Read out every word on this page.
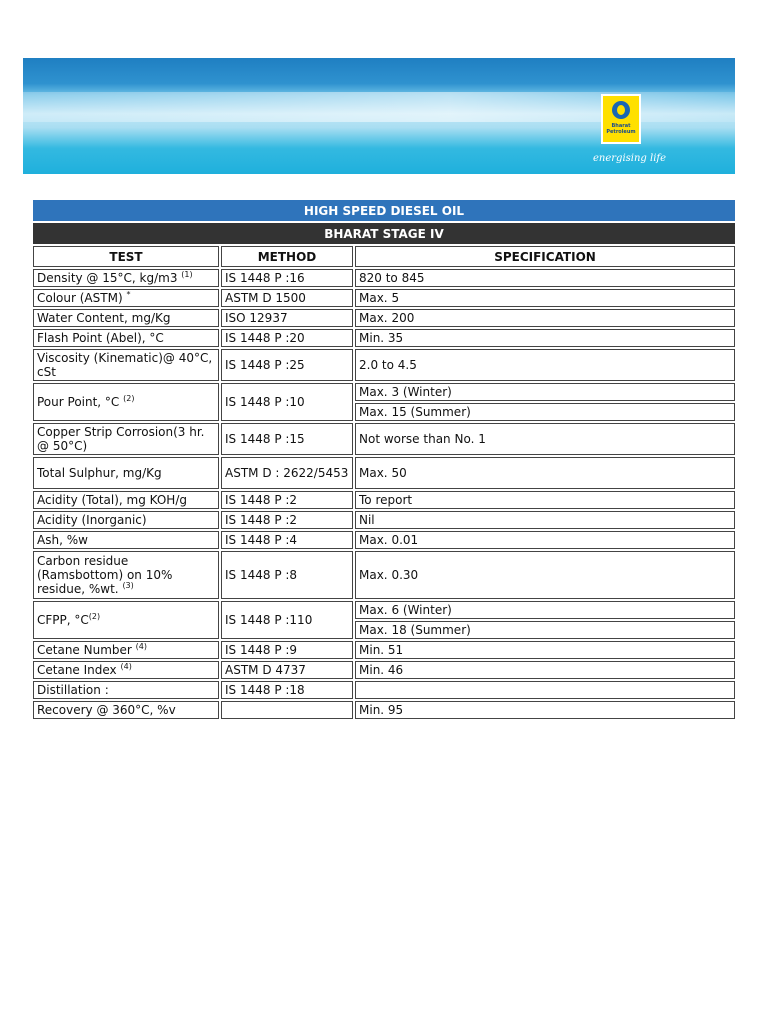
Bharat
Petroleum
energising life
HIGH SPEED DIESEL OIL		
BHARAT STAGE IV		
TEST	METHOD	SPECIFICATION
Density @ 15°C, kg/m3 $^{(1)}$	IS 1448 P :16	820 to 845
Colour (ASTM) *	ASTM D 1500	Max. 5
Water Content, mg/Kg	ISO 12937	Max. 200
Flash Point (Abel), °C	IS 1448 P :20	Min. 35
Viscosity (Kinematic)@ 40°C, cSt	IS 1448 P :25	2.0 to 4.5
Pour Point, °C $^{(2)}$	IS 1448 P :10	Max. 3 (Winter)
		Max. 15 (Summer)
Copper Strip Corrosion(3 hr. @ 50°C)	IS 1448 P :15	Not worse than No. 1
Total Sulphur, mg/Kg	ASTM D : 2622/5453	Max. 50
Acidity (Total), mg KOH/g	IS 1448 P :2	To report
Acidity (Inorganic)	IS 1448 P :2	Nil
Ash, %w	IS 1448 P :4	Max. 0.01
Carbon residue (Ramsbottom) on 10% residue, %wt. $^{(3)}$	IS 1448 P :8	Max. 0.30
CFPP, $^\circ C^{(2)}$	IS 1448 P :110	Max. 6 (Winter)
		Max. 18 (Summer)
Cetane Number $^{(4)}$	IS 1448 P :9	Min. 51
Cetane Index $^{(4)}$	ASTM D 4737	Min. 46
Distillation :	IS 1448 P :18	
Recovery @ 360°C, %v		Min. 95
